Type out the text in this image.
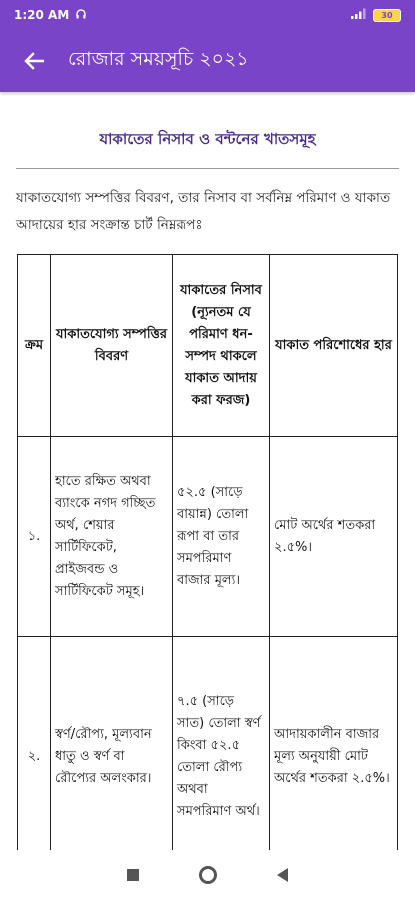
1:20 AM	30
রোজার সময়সূচি ২০২১
যাকাতের নিসাব ও বন্টনের খাতসমূহ
যাকাতযোগ্য সম্পত্তির বিবরণ, তার নিসাব বা সর্বনিম্ন পরিমাণ ও যাকাত আদায়ের হার সংক্রান্ত চার্ট নিম্নরূপঃ
ক্রম	যাকাতযোগ্য সম্পত্তির বিবরণ	যাকাতের নিসাব (ন্যূনতম যে পরিমাণ ধন-সম্পদ থাকলে যাকাত আদায় করা ফরজ)	যাকাত পরিশোধের হার
১.	হাতে রক্ষিত অথবা ব্যাংকে নগদ গচ্ছিত অর্থ, শেয়ার সার্টিফিকেট, প্রাইজবন্ড ও সার্টিফিকেট সমূহ।	৫২.৫ (সাড়ে বায়ান্ন) তোলা রূপা বা তার সমপরিমাণ বাজার মূল্য।	মোট অর্থের শতকরা ২.৫%।
২.	স্বর্ণ/রৌপ্য, মূল্যবান ধাতু ও স্বর্ণ বা রৌপ্যের অলংকার।	৭.৫ (সাড়ে সাত) তোলা স্বর্ণ কিংবা ৫২.৫ তোলা রৌপ্য অথবা সমপরিমাণ অর্থ।	আদায়কালীন বাজার মূল্য অনুযায়ী মোট অর্থের শতকরা ২.৫%।
